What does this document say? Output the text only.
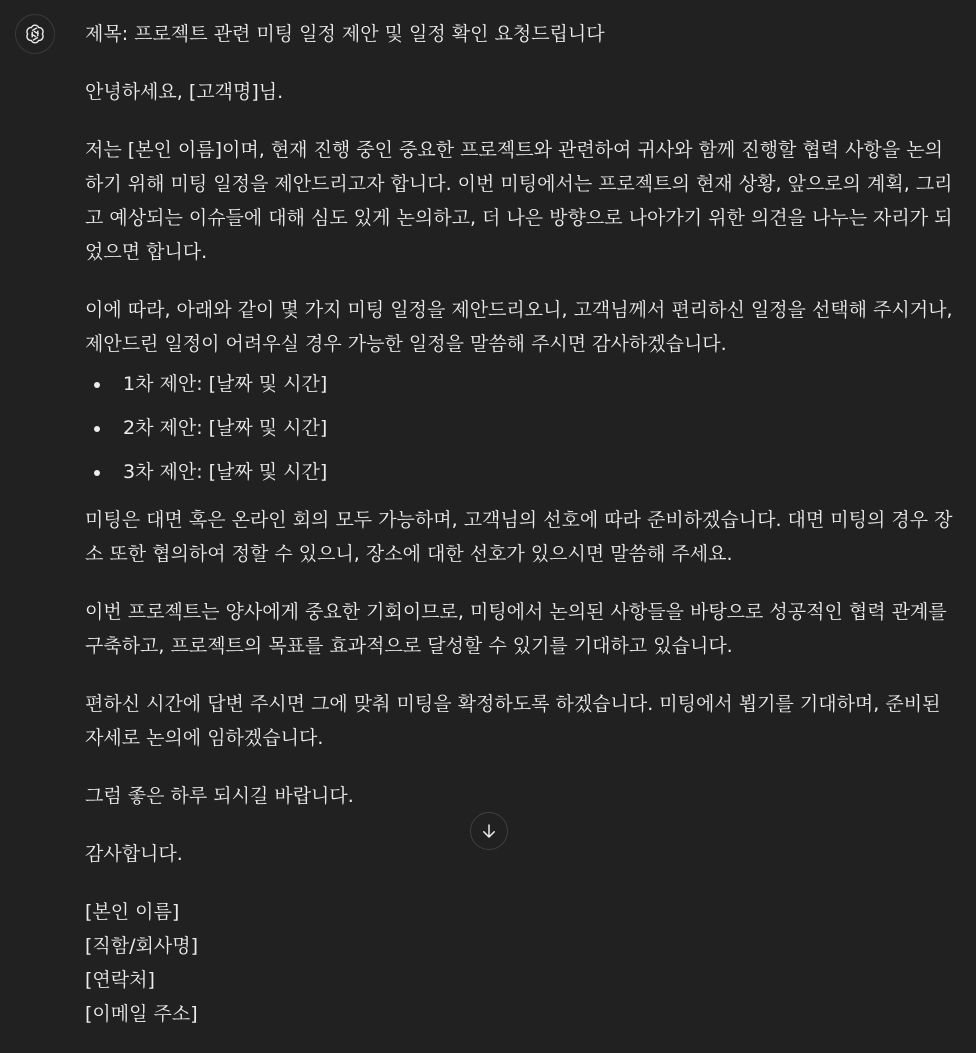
제목: 프로젝트 관련 미팅 일정 제안 및 일정 확인 요청드립니다

안녕하세요, [고객명]님.

저는 [본인 이름]이며, 현재 진행 중인 중요한 프로젝트와 관련하여 귀사와 함께 진행할 협력 사항을 논의하기 위해 미팅 일정을 제안드리고자 합니다. 이번 미팅에서는 프로젝트의 현재 상황, 앞으로의 계획, 그리고 예상되는 이슈들에 대해 심도 있게 논의하고, 더 나은 방향으로 나아가기 위한 의견을 나누는 자리가 되었으면 합니다.

이에 따라, 아래와 같이 몇 가지 미팅 일정을 제안드리오니, 고객님께서 편리하신 일정을 선택해 주시거나, 제안드린 일정이 어려우실 경우 가능한 일정을 말씀해 주시면 감사하겠습니다.

1차 제안: [날짜 및 시간]
2차 제안: [날짜 및 시간]
3차 제안: [날짜 및 시간]

미팅은 대면 혹은 온라인 회의 모두 가능하며, 고객님의 선호에 따라 준비하겠습니다. 대면 미팅의 경우 장소 또한 협의하여 정할 수 있으니, 장소에 대한 선호가 있으시면 말씀해 주세요.

이번 프로젝트는 양사에게 중요한 기회이므로, 미팅에서 논의된 사항들을 바탕으로 성공적인 협력 관계를 구축하고, 프로젝트의 목표를 효과적으로 달성할 수 있기를 기대하고 있습니다.

편하신 시간에 답변 주시면 그에 맞춰 미팅을 확정하도록 하겠습니다. 미팅에서 뵙기를 기대하며, 준비된 자세로 논의에 임하겠습니다.

그럼 좋은 하루 되시길 바랍니다.

감사합니다.

[본인 이름]

[직함/회사명]

[연락처]

[이메일 주소]
